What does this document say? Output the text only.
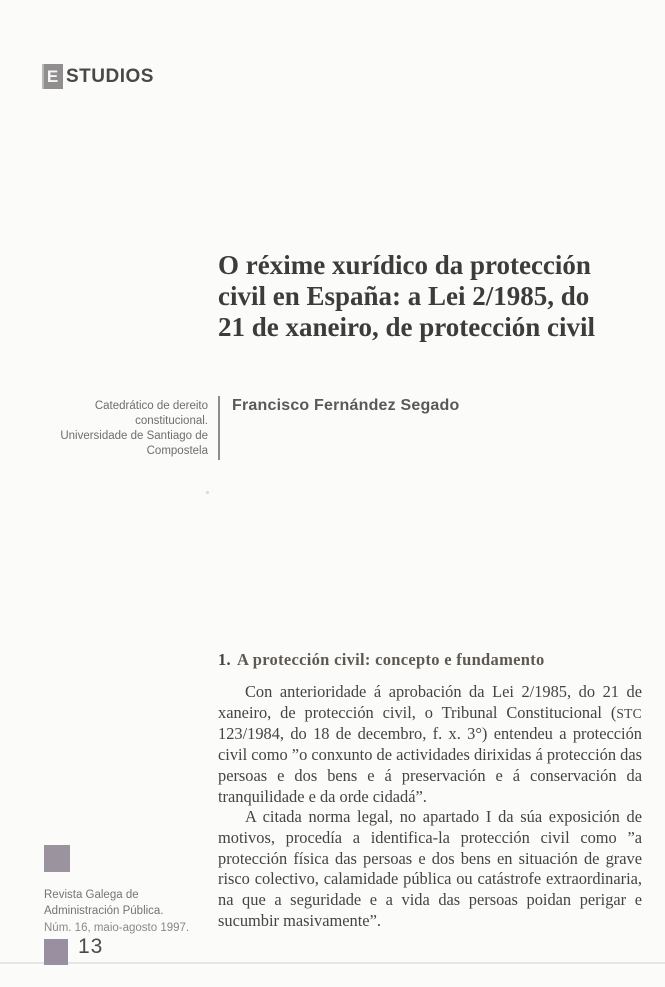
E STUDIOS
O réxime xurídico da protección
civil en España: a Lei 2/1985, do
21 de xaneiro, de protección civil
Catedrático de dereito
constitucional.
Universidade de Santiago de
Compostela
Francisco Fernández Segado
1. A protección civil: concepto e fundamento

Con anterioridade á aprobación da Lei 2/1985, do 21 de xaneiro, de protección civil, o Tribunal Constitucional (STC 123/1984, do 18 de decembro, f. x. 3°) entendeu a protección civil como ”o conxunto de actividades dirixidas á protección das persoas e dos bens e á preservación e á conservación da tranquilidade e da orde cidadá”.

A citada norma legal, no apartado I da súa exposición de motivos, procedía a identifica-la protección civil como ”a protección física das persoas e dos bens en situación de grave risco colectivo, calamidade pública ou catástrofe extraordinaria, na que a seguridade e a vida das persoas poidan perigar e sucumbir masivamente”.

Revista Galega de
Administración Pública.
Núm. 16, maio-agosto 1997.
13
